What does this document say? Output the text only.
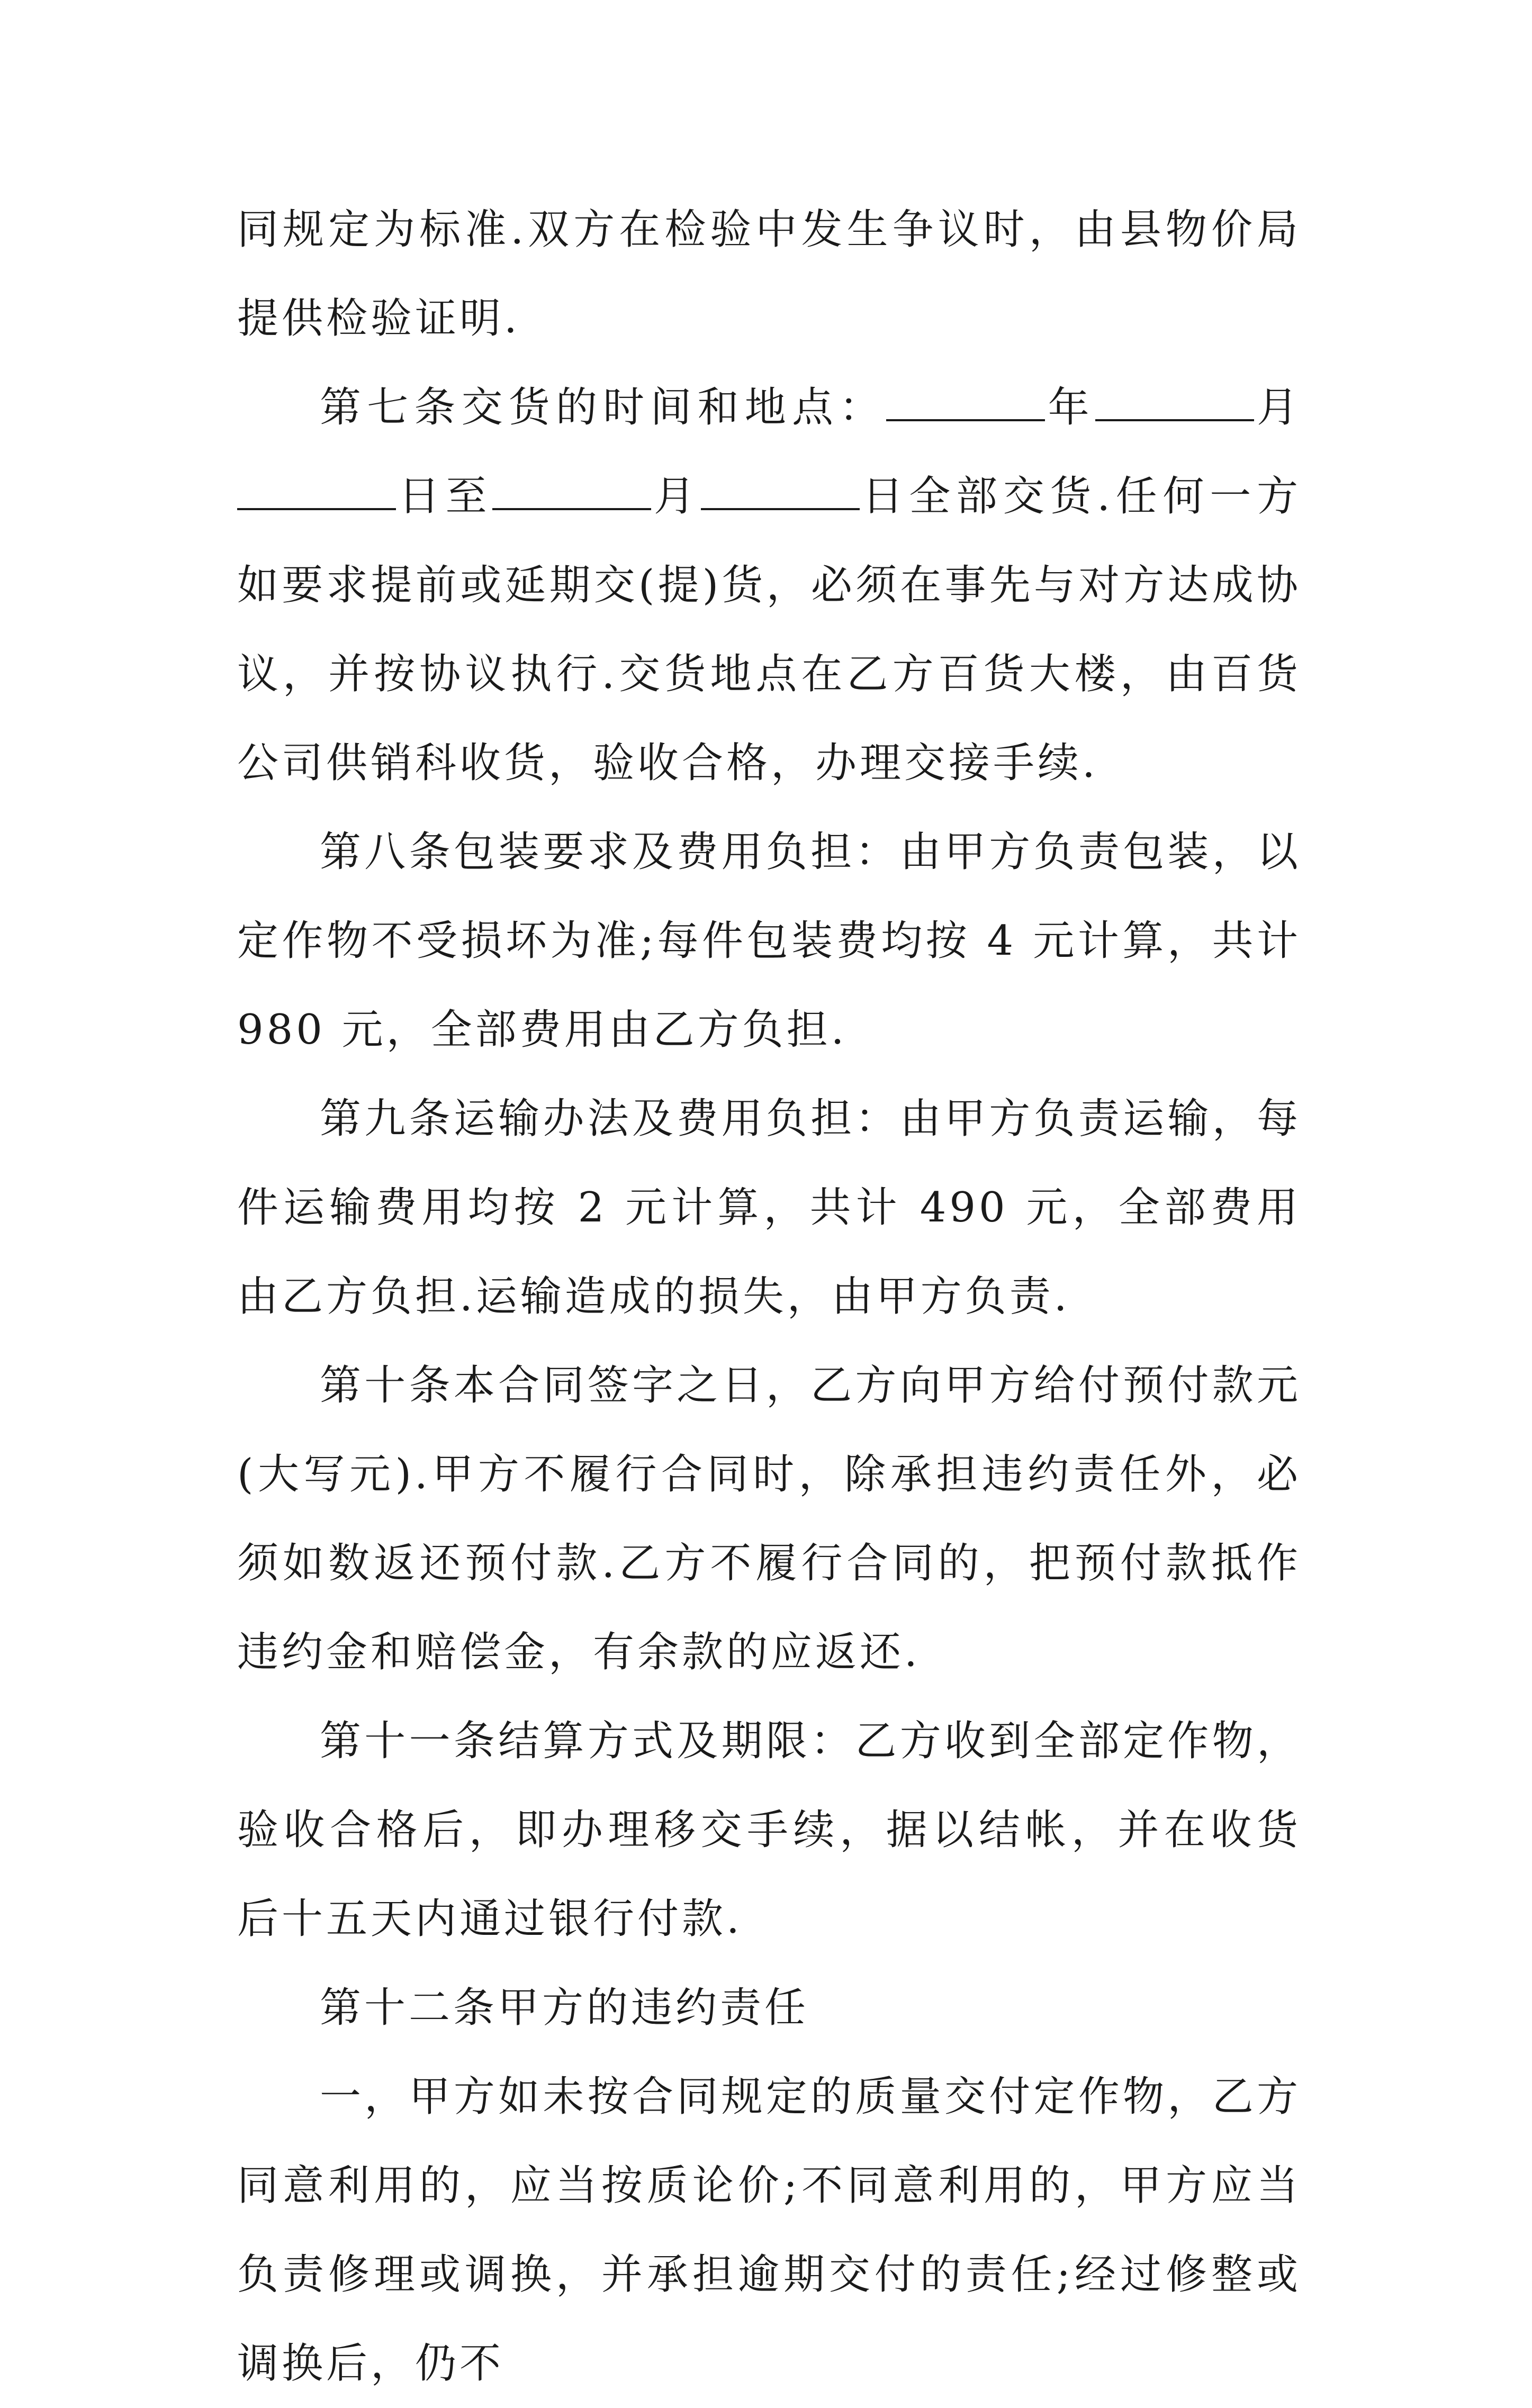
同规定为标准.双方在检验中发生争议时，由县物价局提供检验证明.

第七条交货的时间和地点：	年	月日至	月	日全部交货.任何一方如要求提前或延期交(提)货，必须在事先与对方达成协议，并按协议执行.交货地点在乙方百货大楼，由百货公司供销科收货，验收合格，办理交接手续.

第八条包装要求及费用负担：由甲方负责包装，以定作物不受损坏为准;每件包装费均按 4 元计算，共计 980 元，全部费用由乙方负担.

第九条运输办法及费用负担：由甲方负责运输，每件运输费用均按 2 元计算，共计 490 元，全部费用由乙方负担.运输造成的损失，由甲方负责.

第十条本合同签字之日，乙方向甲方给付预付款元(大写元).甲方不履行合同时，除承担违约责任外，必须如数返还预付款.乙方不履行合同的，把预付款抵作违约金和赔偿金，有余款的应返还.

第十一条结算方式及期限：乙方收到全部定作物，验收合格后，即办理移交手续，据以结帐，并在收货后十五天内通过银行付款.

第十二条甲方的违约责任

一，甲方如未按合同规定的质量交付定作物，乙方同意利用的，应当按质论价;不同意利用的，甲方应当负责修理或调换，并承担逾期交付的责任;经过修整或调换后，仍不
